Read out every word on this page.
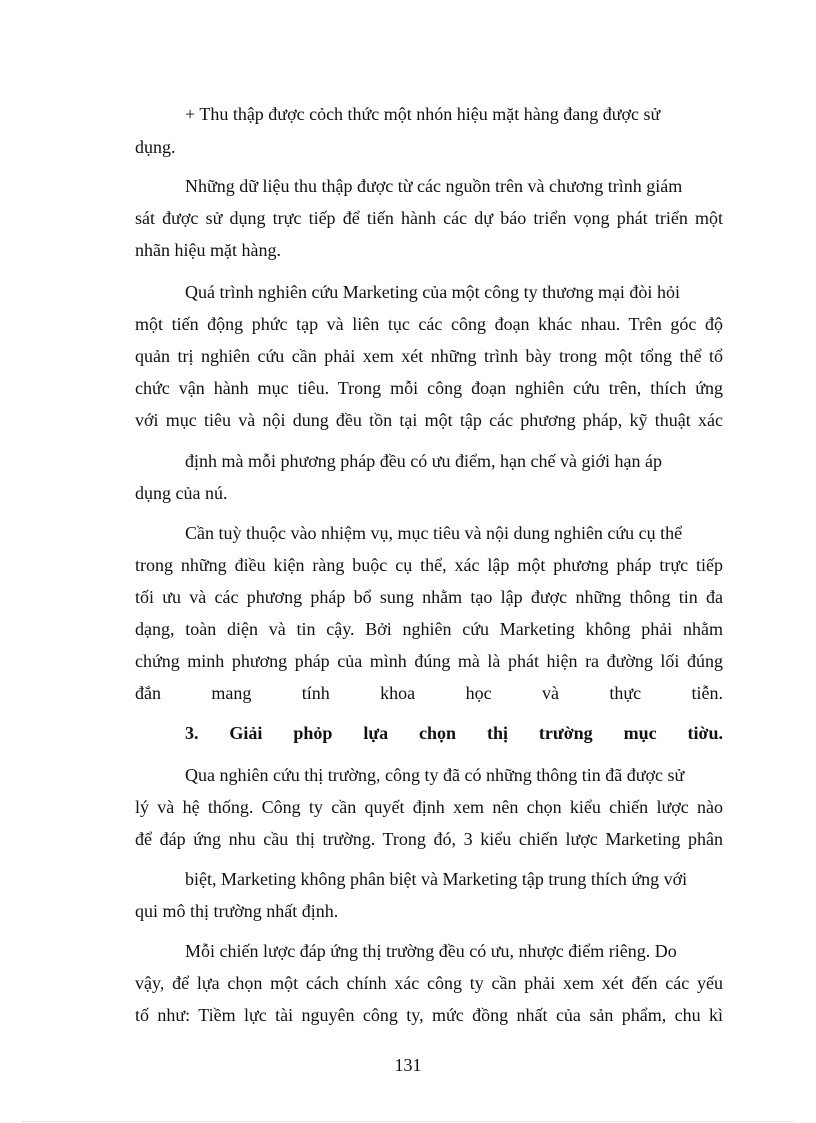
+ Thu thập được cỏch thức một nhón hiệu mặt hàng đang được sử
dụng.
Những dữ liệu thu thập được từ các nguồn trên và chương trình giám
sát được sử dụng trực tiếp để tiến hành các dự báo triển vọng phát triển một
nhãn hiệu mặt hàng.
Quá trình nghiên cứu Marketing của một công ty thương mại đòi hỏi
một tiến động phức tạp và liên tục các công đoạn khác nhau. Trên góc độ
quản trị nghiên cứu cần phải xem xét những trình bày trong một tổng thể tổ
chức vận hành mục tiêu. Trong mỗi công đoạn nghiên cứu trên, thích ứng
với mục tiêu và nội dung đều tồn tại một tập các phương pháp, kỹ thuật xác
định mà mỗi phương pháp đều có ưu điểm, hạn chế và giới hạn áp
dụng của nú.
Cần tuỳ thuộc vào nhiệm vụ, mục tiêu và nội dung nghiên cứu cụ thể
trong những điều kiện ràng buộc cụ thể, xác lập một phương pháp trực tiếp
tối ưu và các phương pháp bổ sung nhằm tạo lập được những thông tin đa
dạng, toàn diện và tin cậy. Bởi nghiên cứu Marketing không phải nhằm
chứng minh phương pháp của mình đúng mà là phát hiện ra đường lối đúng
đắn mang tính khoa học và thực tiễn.
3. Giải phỏp lựa chọn thị trường mục tiờu.
Qua nghiên cứu thị trường, công ty đã có những thông tin đã được sử
lý và hệ thống. Công ty cần quyết định xem nên chọn kiểu chiến lược nào
để đáp ứng nhu cầu thị trường. Trong đó, 3 kiểu chiến lược Marketing phân
biệt, Marketing không phân biệt và Marketing tập trung thích ứng với
qui mô thị trường nhất định.
Mỗi chiến lược đáp ứng thị trường đều có ưu, nhược điểm riêng. Do
vậy, để lựa chọn một cách chính xác công ty cần phải xem xét đến các yếu
tố như: Tiềm lực tài nguyên công ty, mức đồng nhất của sản phẩm, chu kì
131
